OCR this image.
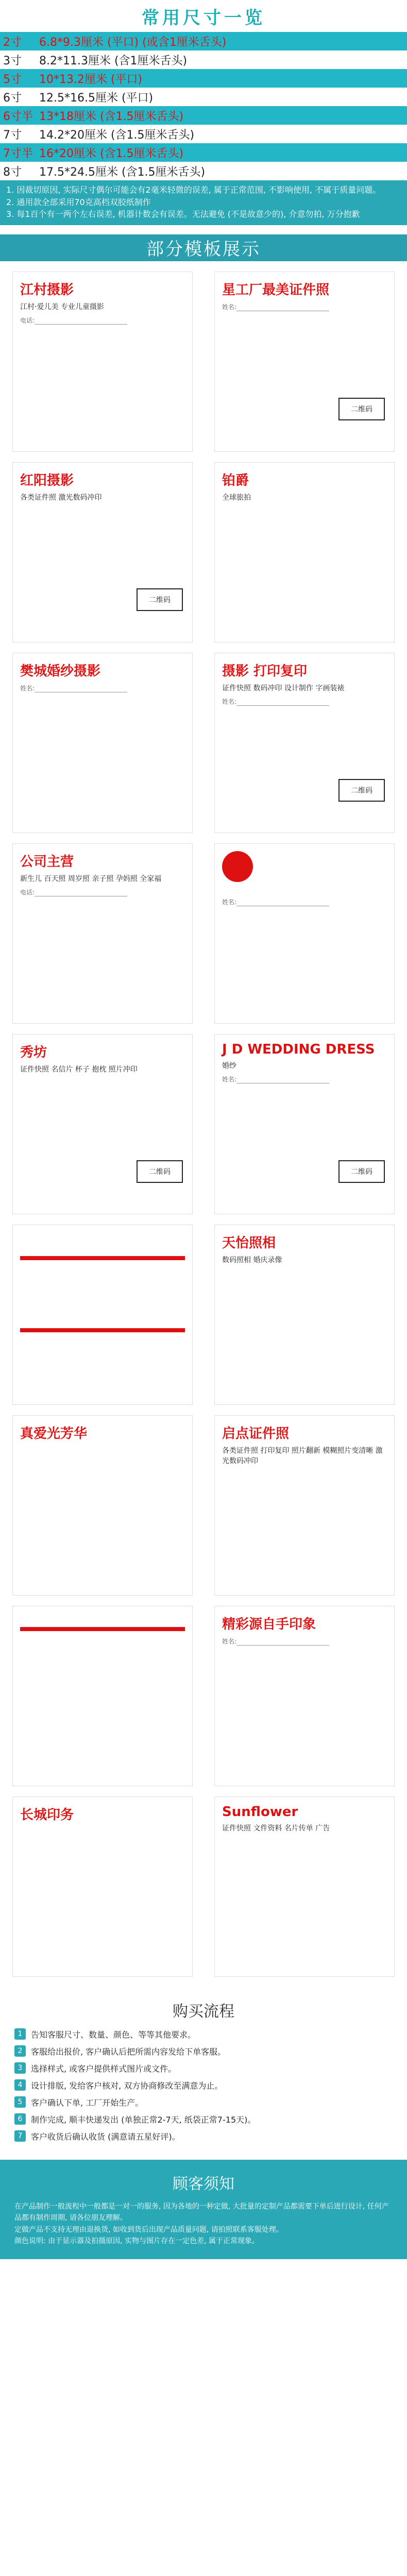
常用尺寸一览
2寸	6.8*9.3厘米 (平口) (或含1厘米舌头)
3寸	8.2*11.3厘米 (含1厘米舌头)
5寸	10*13.2厘米 (平口)
6寸	12.5*16.5厘米 (平口)
6寸半 13*18厘米 (含1.5厘米舌头)
7寸	14.2*20厘米 (含1.5厘米舌头)
7寸半 16*20厘米 (含1.5厘米舌头)
8寸	17.5*24.5厘米 (含1.5厘米舌头)

1. 因裁切原因, 实际尺寸偶尔可能会有2毫米轻微的误差, 属于正常范围, 不影响使用, 不属于质量问题。

2. 通用款全部采用70克高档双胶纸制作

3. 每1百个有一两个左右误差, 机器计数会有误差。无法避免 (不是故意少的), 介意勿拍, 万分抱歉

部分模板展示
江村摄影
江村·爱儿美 专业儿童摄影
电话:
星工厂最美证件照
姓名:
二维码
红阳摄影
各类证件照 激光数码冲印
二维码
铂爵
全球旅拍
樊城婚纱摄影
姓名:
摄影 打印复印
证件快照 数码冲印 设计制作 字画装裱
姓名:
二维码
公司主营
新生儿 百天照 周岁照 亲子照 孕妈照 全家福
电话:
姓名:
秀坊
证件快照 名信片 杯子 抱枕 照片冲印
二维码
J D WEDDING DRESS
婚纱
姓名:
二维码
天怡照相
数码照相 婚庆录像
真爱光芳华	启点证件照
各类证件照 打印复印 照片翻新 模糊照片变清晰 激光数码冲印
精彩源自手印象
姓名:
长城印务	Sunflower
证件快照 文件资料 名片传单 广告
购买流程
1	告知客服尺寸、数量、颜色、等等其他要求。
2	客服给出报价, 客户确认后把所需内容发给下单客服。
3	选择样式, 或客户提供样式图片或文件。
4	设计排版, 发给客户核对, 双方协商修改至满意为止。
5	客户确认下单, 工厂开始生产。
6	制作完成, 顺丰快递发出 (单独正常2-7天, 纸袋正常7-15天)。
7	客户收货后确认收货 (满意请五星好评)。
顾客须知

在产品制作一般流程中一般都是一对一的服务, 因为各地的一种定做, 大批量的定制产品都需要下单后进行设计, 任何产品都有制作周期, 请各位朋友理解。

定做产品不支持无理由退换货, 如收到货后出现产品质量问题, 请拍照联系客服处理。

颜色说明: 由于显示器及拍摄原因, 实物与图片存在一定色差, 属于正常现象。
